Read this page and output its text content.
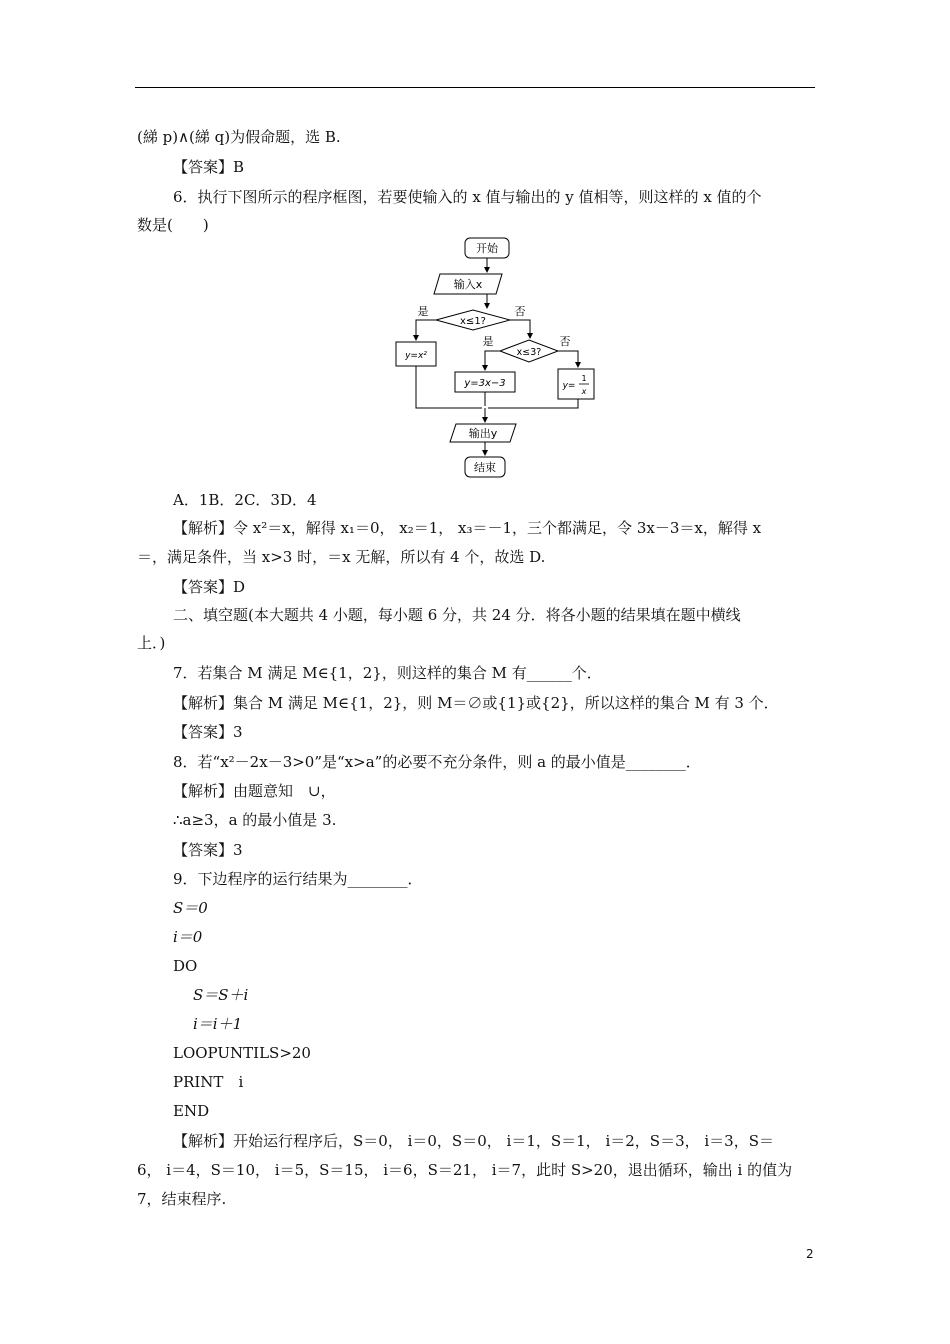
(綈 p)∧(綈 q)为假命题，选 B.
【答案】B
6．执行下图所示的程序框图，若要使输入的 x 值与输出的 y 值相等，则这样的 x 值的个
数是(　　)
开始
输入x
x≤1?
是	否
x≤3?
是	否
y=x²
y=3x−3	y=
1
x
输出y
结束
A．1B．2C．3D．4
【解析】令 x²＝x，解得 x₁＝0， x₂＝1， x₃＝－1，三个都满足，令 3x－3＝x，解得 x
＝，满足条件，当 x>3 时，＝x 无解，所以有 4 个，故选 D.
【答案】D
二、填空题(本大题共 4 小题，每小题 6 分，共 24 分．将各小题的结果填在题中横线
上．)
7．若集合 M 满足 M∈{1，2}，则这样的集合 M 有______个．
【解析】集合 M 满足 M∈{1，2}，则 M＝∅或{1}或{2}，所以这样的集合 M 有 3 个．
【答案】3
8．若“x²－2x－3>0”是“x>a”的必要不充分条件，则 a 的最小值是________．
【解析】由题意知　∪，
∴a≥3，a 的最小值是 3.
【答案】3
9．下边程序的运行结果为________．
S＝0
i＝0
DO
S＝S＋i
i＝i＋1
LOOPUNTILS>20
PRINT　i
END
【解析】开始运行程序后，S＝0， i＝0，S＝0， i＝1，S＝1， i＝2，S＝3， i＝3，S＝
6， i＝4，S＝10， i＝5，S＝15， i＝6，S＝21， i＝7，此时 S>20，退出循环，输出 i 的值为
7，结束程序.
2
